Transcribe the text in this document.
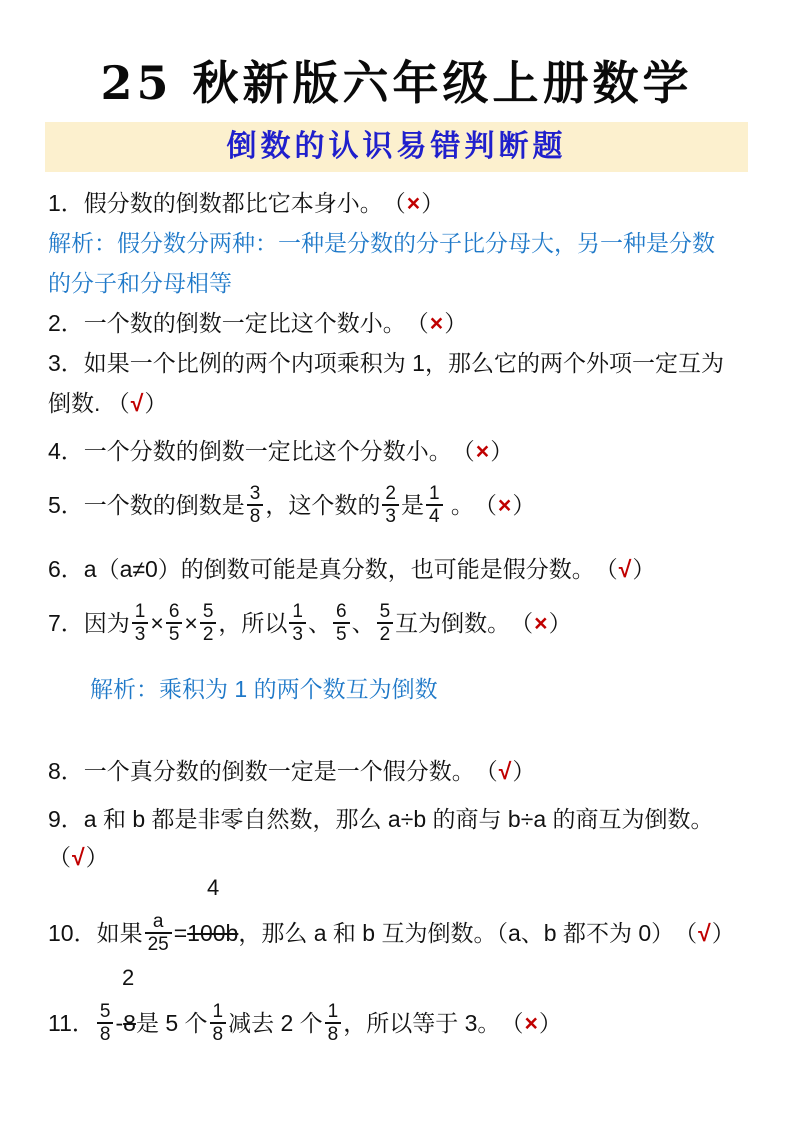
25 秋新版六年级上册数学
倒数的认识易错判断题
1．假分数的倒数都比它本身小。　（×）
解析：假分数分两种：一种是分数的分子比分母大，另一种是分数
的分子和分母相等
2．一个数的倒数一定比这个数小。　（×）
3．如果一个比例的两个内项乘积为 1，那么它的两个外项一定互为
倒数. （√）
4．一个分数的倒数一定比这个分数小。　（×）
5．一个数的倒数是 $\frac{3}{8}$ ，这个数的 $\frac{2}{3}$ 是 $\frac{1}{4}$ 。　（×）
6．a（a≠0）的倒数可能是真分数，也可能是假分数。　（√）
7．因为 $\frac{1}{3} \times \frac{6}{5} \times \frac{5}{2}$ ，所以 $\frac{1}{3}$ 、 $\frac{6}{5}$ 、 $\frac{5}{2}$ 互为倒数。　（×）
解析：乘积为 1 的两个数互为倒数
8．一个真分数的倒数一定是一个假分数。　（√）
9．a 和 b 都是非零自然数，那么 a÷b 的商与 b÷a 的商互为倒数。
（√）
4
10．如果 $\frac{a}{25} =100b$，那么 a 和 b 互为倒数。（a、b 都不为 0）　（√）
2
11． $\frac{5}{8} -8$是 5 个 $\frac{1}{8}$ 减去 2 个 $\frac{1}{8}$ ，所以等于 3。　（×）
